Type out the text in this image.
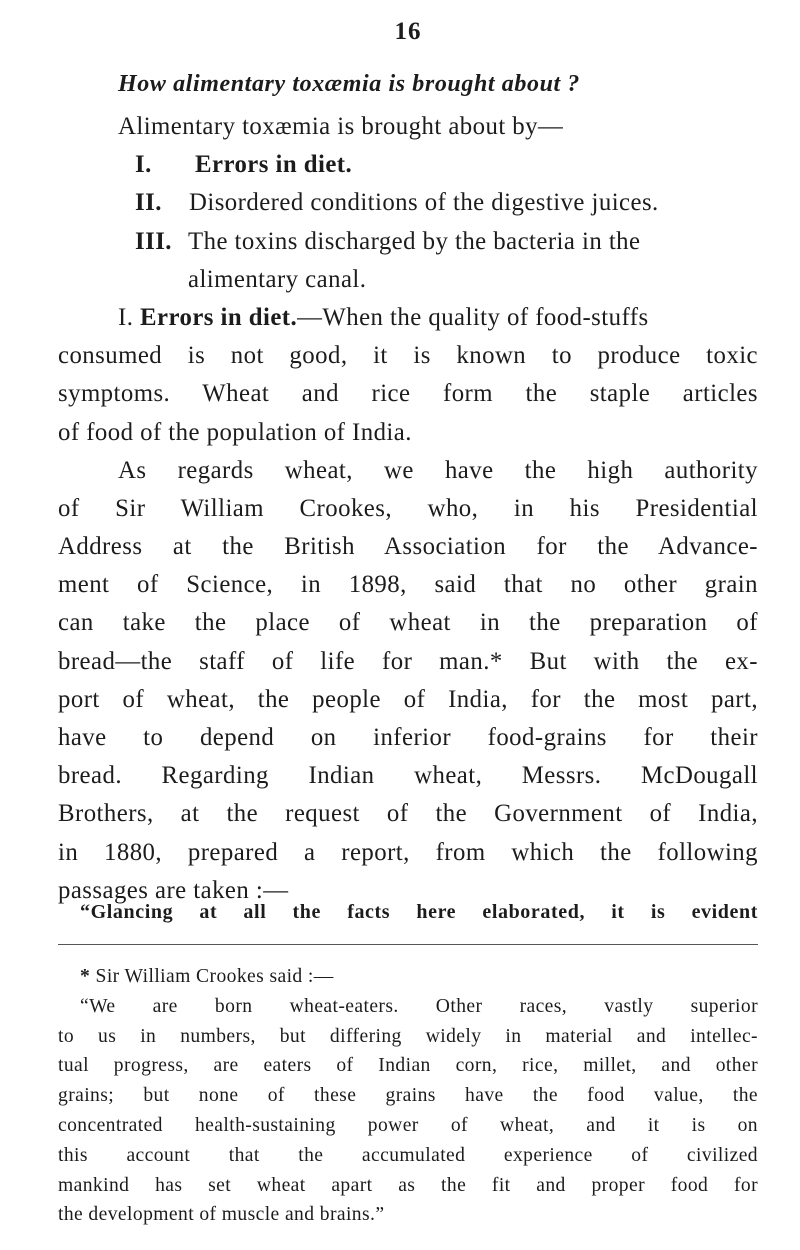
16
How alimentary toxæmia is brought about ?
Alimentary toxæmia is brought about by—
I. Errors in diet.
II. Disordered conditions of the digestive juices.
III. The toxins discharged by the bacteria in the
alimentary canal.
I. Errors in diet.—When the quality of food-stuffs
consumed is not good, it is known to produce toxic
symptoms. Wheat and rice form the staple articles
of food of the population of India.
As regards wheat, we have the high authority
of Sir William Crookes, who, in his Presidential
Address at the British Association for the Advance-
ment of Science, in 1898, said that no other grain
can take the place of wheat in the preparation of
bread—the staff of life for man.* But with the ex-
port of wheat, the people of India, for the most part,
have to depend on inferior food-grains for their
bread. Regarding Indian wheat, Messrs. McDougall
Brothers, at the request of the Government of India,
in 1880, prepared a report, from which the following
passages are taken :—
“Glancing at all the facts here elaborated, it is evident
* Sir William Crookes said :—
“We are born wheat-eaters. Other races, vastly superior
to us in numbers, but differing widely in material and intellec-
tual progress, are eaters of Indian corn, rice, millet, and other
grains; but none of these grains have the food value, the
concentrated health-sustaining power of wheat, and it is on
this account that the accumulated experience of civilized
mankind has set wheat apart as the fit and proper food for
the development of muscle and brains.”
